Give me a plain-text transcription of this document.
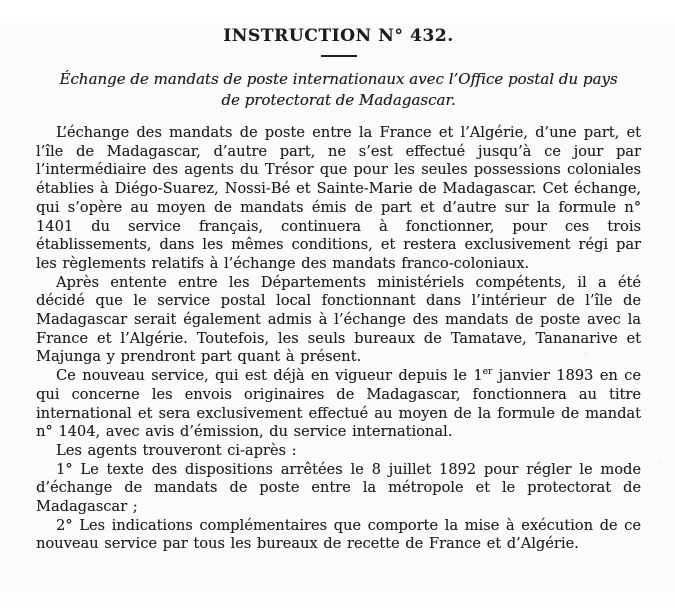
INSTRUCTION N° 432.
Échange de mandats de poste internationaux avec l’Office postal du pays de protectorat de Madagascar.

L’échange des mandats de poste entre la France et l’Algérie, d’une part, et l’île de Madagascar, d’autre part, ne s’est effectué jusqu’à ce jour par l’intermédiaire des agents du Trésor que pour les seules possessions coloniales établies à Diégo-Suarez, Nossi-Bé et Sainte-Marie de Madagascar. Cet échange, qui s’opère au moyen de mandats émis de part et d’autre sur la formule n° 1401 du service français, continuera à fonctionner, pour ces trois établissements, dans les mêmes conditions, et restera exclusivement régi par les règlements relatifs à l’échange des mandats franco-coloniaux.

Après entente entre les Départements ministériels compétents, il a été décidé que le service postal local fonctionnant dans l’intérieur de l’île de Madagascar serait également admis à l’échange des mandats de poste avec la France et l’Algérie. Toutefois, les seuls bureaux de Tamatave, Tananarive et Majunga y prendront part quant à présent.

Ce nouveau service, qui est déjà en vigueur depuis le 1er janvier 1893 en ce qui concerne les envois originaires de Madagascar, fonctionnera au titre international et sera exclusivement effectué au moyen de la formule de mandat n° 1404, avec avis d’émission, du service international.

Les agents trouveront ci-après :

1° Le texte des dispositions arrêtées le 8 juillet 1892 pour régler le mode d’échange de mandats de poste entre la métropole et le protectorat de Madagascar ;

2° Les indications complémentaires que comporte la mise à exécution de ce nouveau service par tous les bureaux de recette de France et d’Algérie.
